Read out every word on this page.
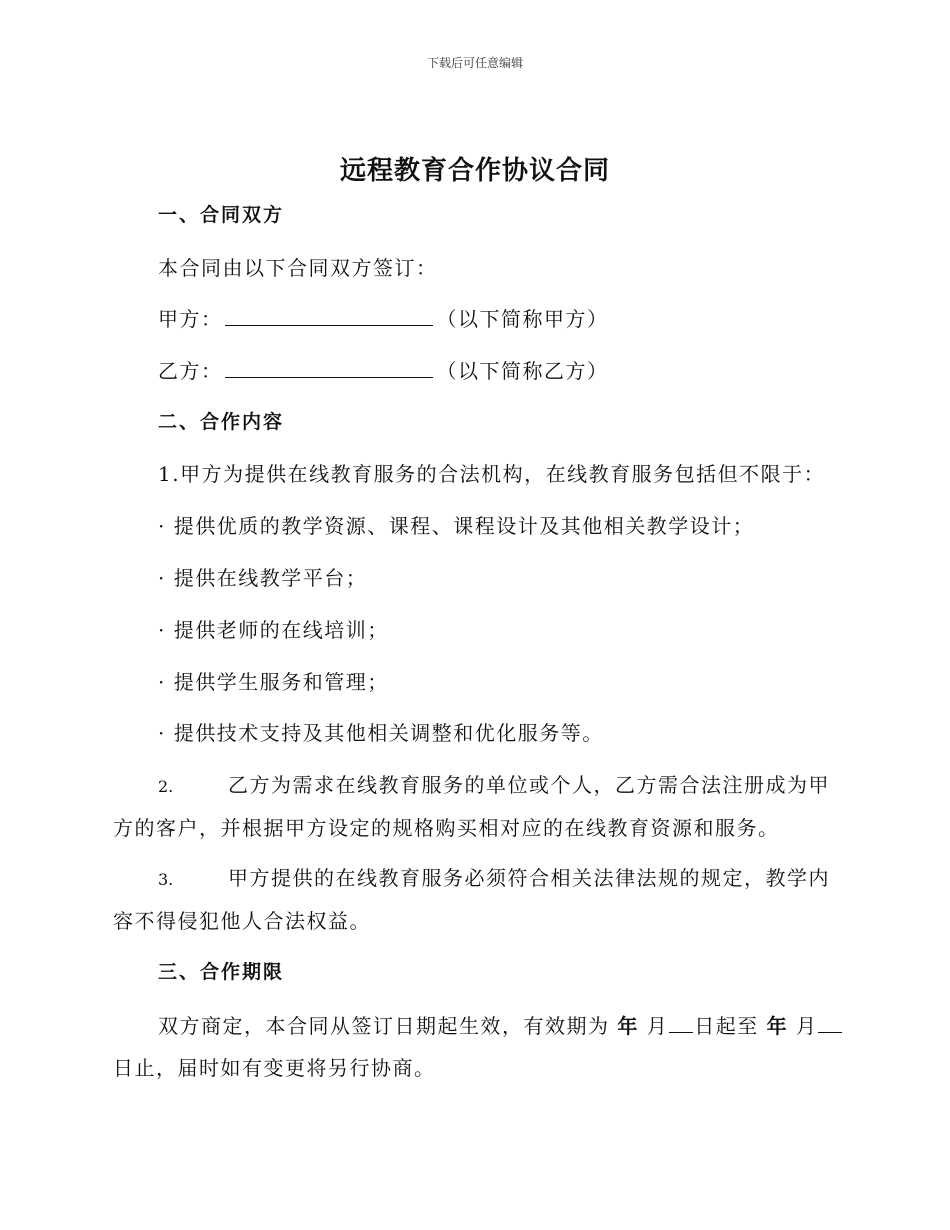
下载后可任意编辑
远程教育合作协议合同
一、合同双方
本合同由以下合同双方签订：
甲方：	（以下简称甲方）
乙方：	（以下简称乙方）
二、合作内容
1.甲方为提供在线教育服务的合法机构，在线教育服务包括但不限于：
· 提供优质的教学资源、课程、课程设计及其他相关教学设计；
· 提供在线教学平台；
· 提供老师的在线培训；
· 提供学生服务和管理；
· 提供技术支持及其他相关调整和优化服务等。
2.	乙方为需求在线教育服务的单位或个人，乙方需合法注册成为甲
方的客户，并根据甲方设定的规格购买相对应的在线教育资源和服务。
3.	甲方提供的在线教育服务必须符合相关法律法规的规定，教学内
容不得侵犯他人合法权益。
三、合作期限
双方商定，本合同从签订日期起生效，有效期为 年 月 日起至 年 月
日止，届时如有变更将另行协商。
